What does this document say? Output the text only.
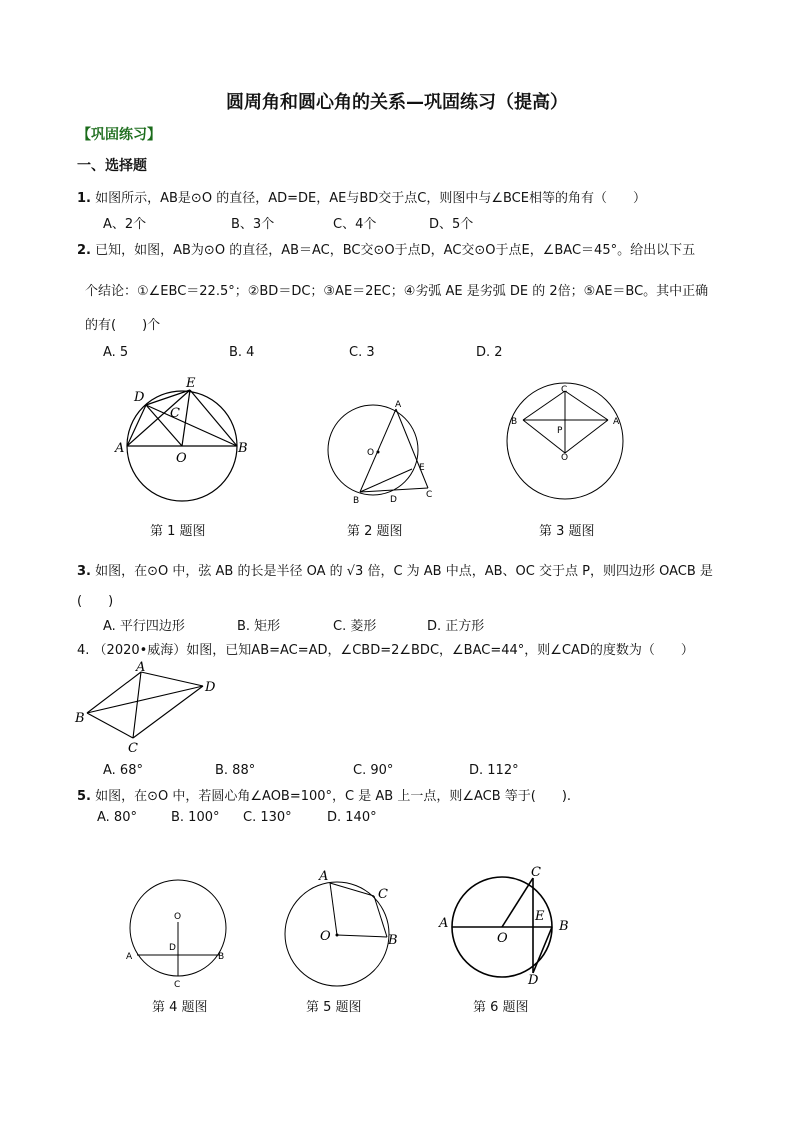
圆周角和圆心角的关系—巩固练习（提高）
【巩固练习】
一、选择题
1. 如图所示，AB是⊙O 的直径，AD=DE，AE与BD交于点C，则图中与∠BCE相等的角有（　　）
A、2个	B、3个	C、4个	D、5个
2. 已知，如图，AB为⊙O 的直径，AB＝AC，BC交⊙O于点D，AC交⊙O于点E，∠BAC＝45°。给出以下五
个结论：①∠EBC＝22.5°；②BD＝DC；③AE＝2EC；④劣弧 AE 是劣弧 DE 的 2倍；⑤AE＝BC。其中正确
的有(　　)个
A. 5	B. 4	C. 3	D. 2
D
E
C
A
O
B
A
O
E
B	D	C
C
B
P
A
O
第 1 题图	第 2 题图	第 3 题图
3. 如图，在⊙O 中，弦 AB 的长是半径 OA 的 √3 倍，C 为 AB 中点，AB、OC 交于点 P，则四边形 OACB 是
(　　)
A. 平行四边形	B. 矩形	C. 菱形	D. 正方形
4. （2020•威海）如图，已知AB=AC=AD，∠CBD=2∠BDC，∠BAC=44°，则∠CAD的度数为（　　）
A
D
B
C
A. 68°	B. 88°	C. 90°	D. 112°
5. 如图，在⊙O 中，若圆心角∠AOB=100°，C 是 AB 上一点，则∠ACB 等于(　　).
A. 80°	B. 100° C. 130°	D. 140°
O
D
A	B
C
A
C
O	B
C
A
O
E
B
D
第 4 题图	第 5 题图	第 6 题图
